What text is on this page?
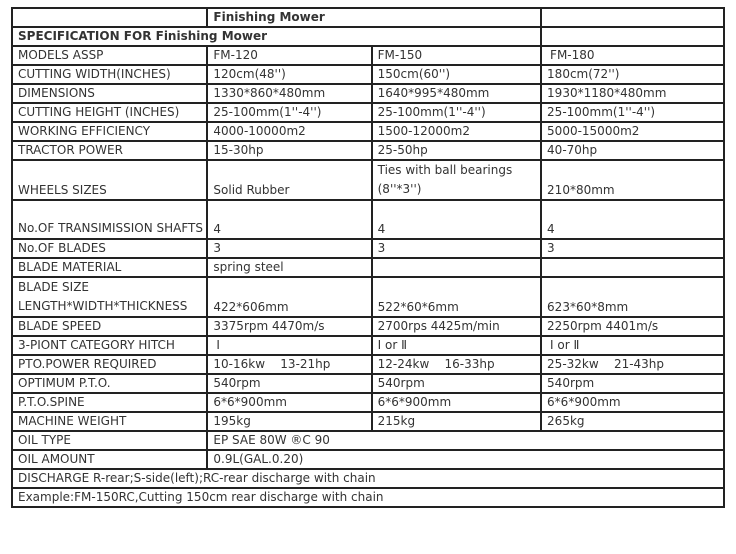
	Finishing Mower		
SPECIFICATION FOR Finishing Mower			
MODELS ASSP	FM-120	FM-150	FM-180
CUTTING WIDTH(INCHES)	120cm(48'')	150cm(60'')	180cm(72'')
DIMENSIONS	1330*860*480mm	1640*995*480mm	1930*1180*480mm
CUTTING HEIGHT (INCHES)	25-100mm(1''-4'')	25-100mm(1''-4'')	25-100mm(1''-4'')
WORKING EFFICIENCY	4000-10000m2	1500-12000m2	5000-15000m2
TRACTOR POWER	15-30hp	25-50hp	40-70hp
WHEELS SIZES	Solid Rubber	Ties with ball bearings (8''*3'')	210*80mm
No.OF TRANSIMISSION SHAFTS	4	4	4
No.OF BLADES	3	3	3
BLADE MATERIAL	spring steel		
BLADE SIZE LENGTH*WIDTH*THICKNESS	422*606mm	522*60*6mm	623*60*8mm
BLADE SPEED	3375rpm 4470m/s	2700rps 4425m/min	2250rpm 4401m/s
3-PIONT CATEGORY HITCH	I	I or Ⅱ	I or Ⅱ
PTO.POWER REQUIRED	10-16kw    13-21hp	12-24kw    16-33hp	25-32kw    21-43hp
OPTIMUM P.T.O.	540rpm	540rpm	540rpm
P.T.O.SPINE	6*6*900mm	6*6*900mm	6*6*900mm
MACHINE WEIGHT	195kg	215kg	265kg
OIL TYPE	EP SAE 80W ®C 90		
OIL AMOUNT	0.9L(GAL.0.20)		
DISCHARGE R-rear;S-side(left);RC-rear discharge with chain			
Example:FM-150RC,Cutting 150cm rear discharge with chain			
